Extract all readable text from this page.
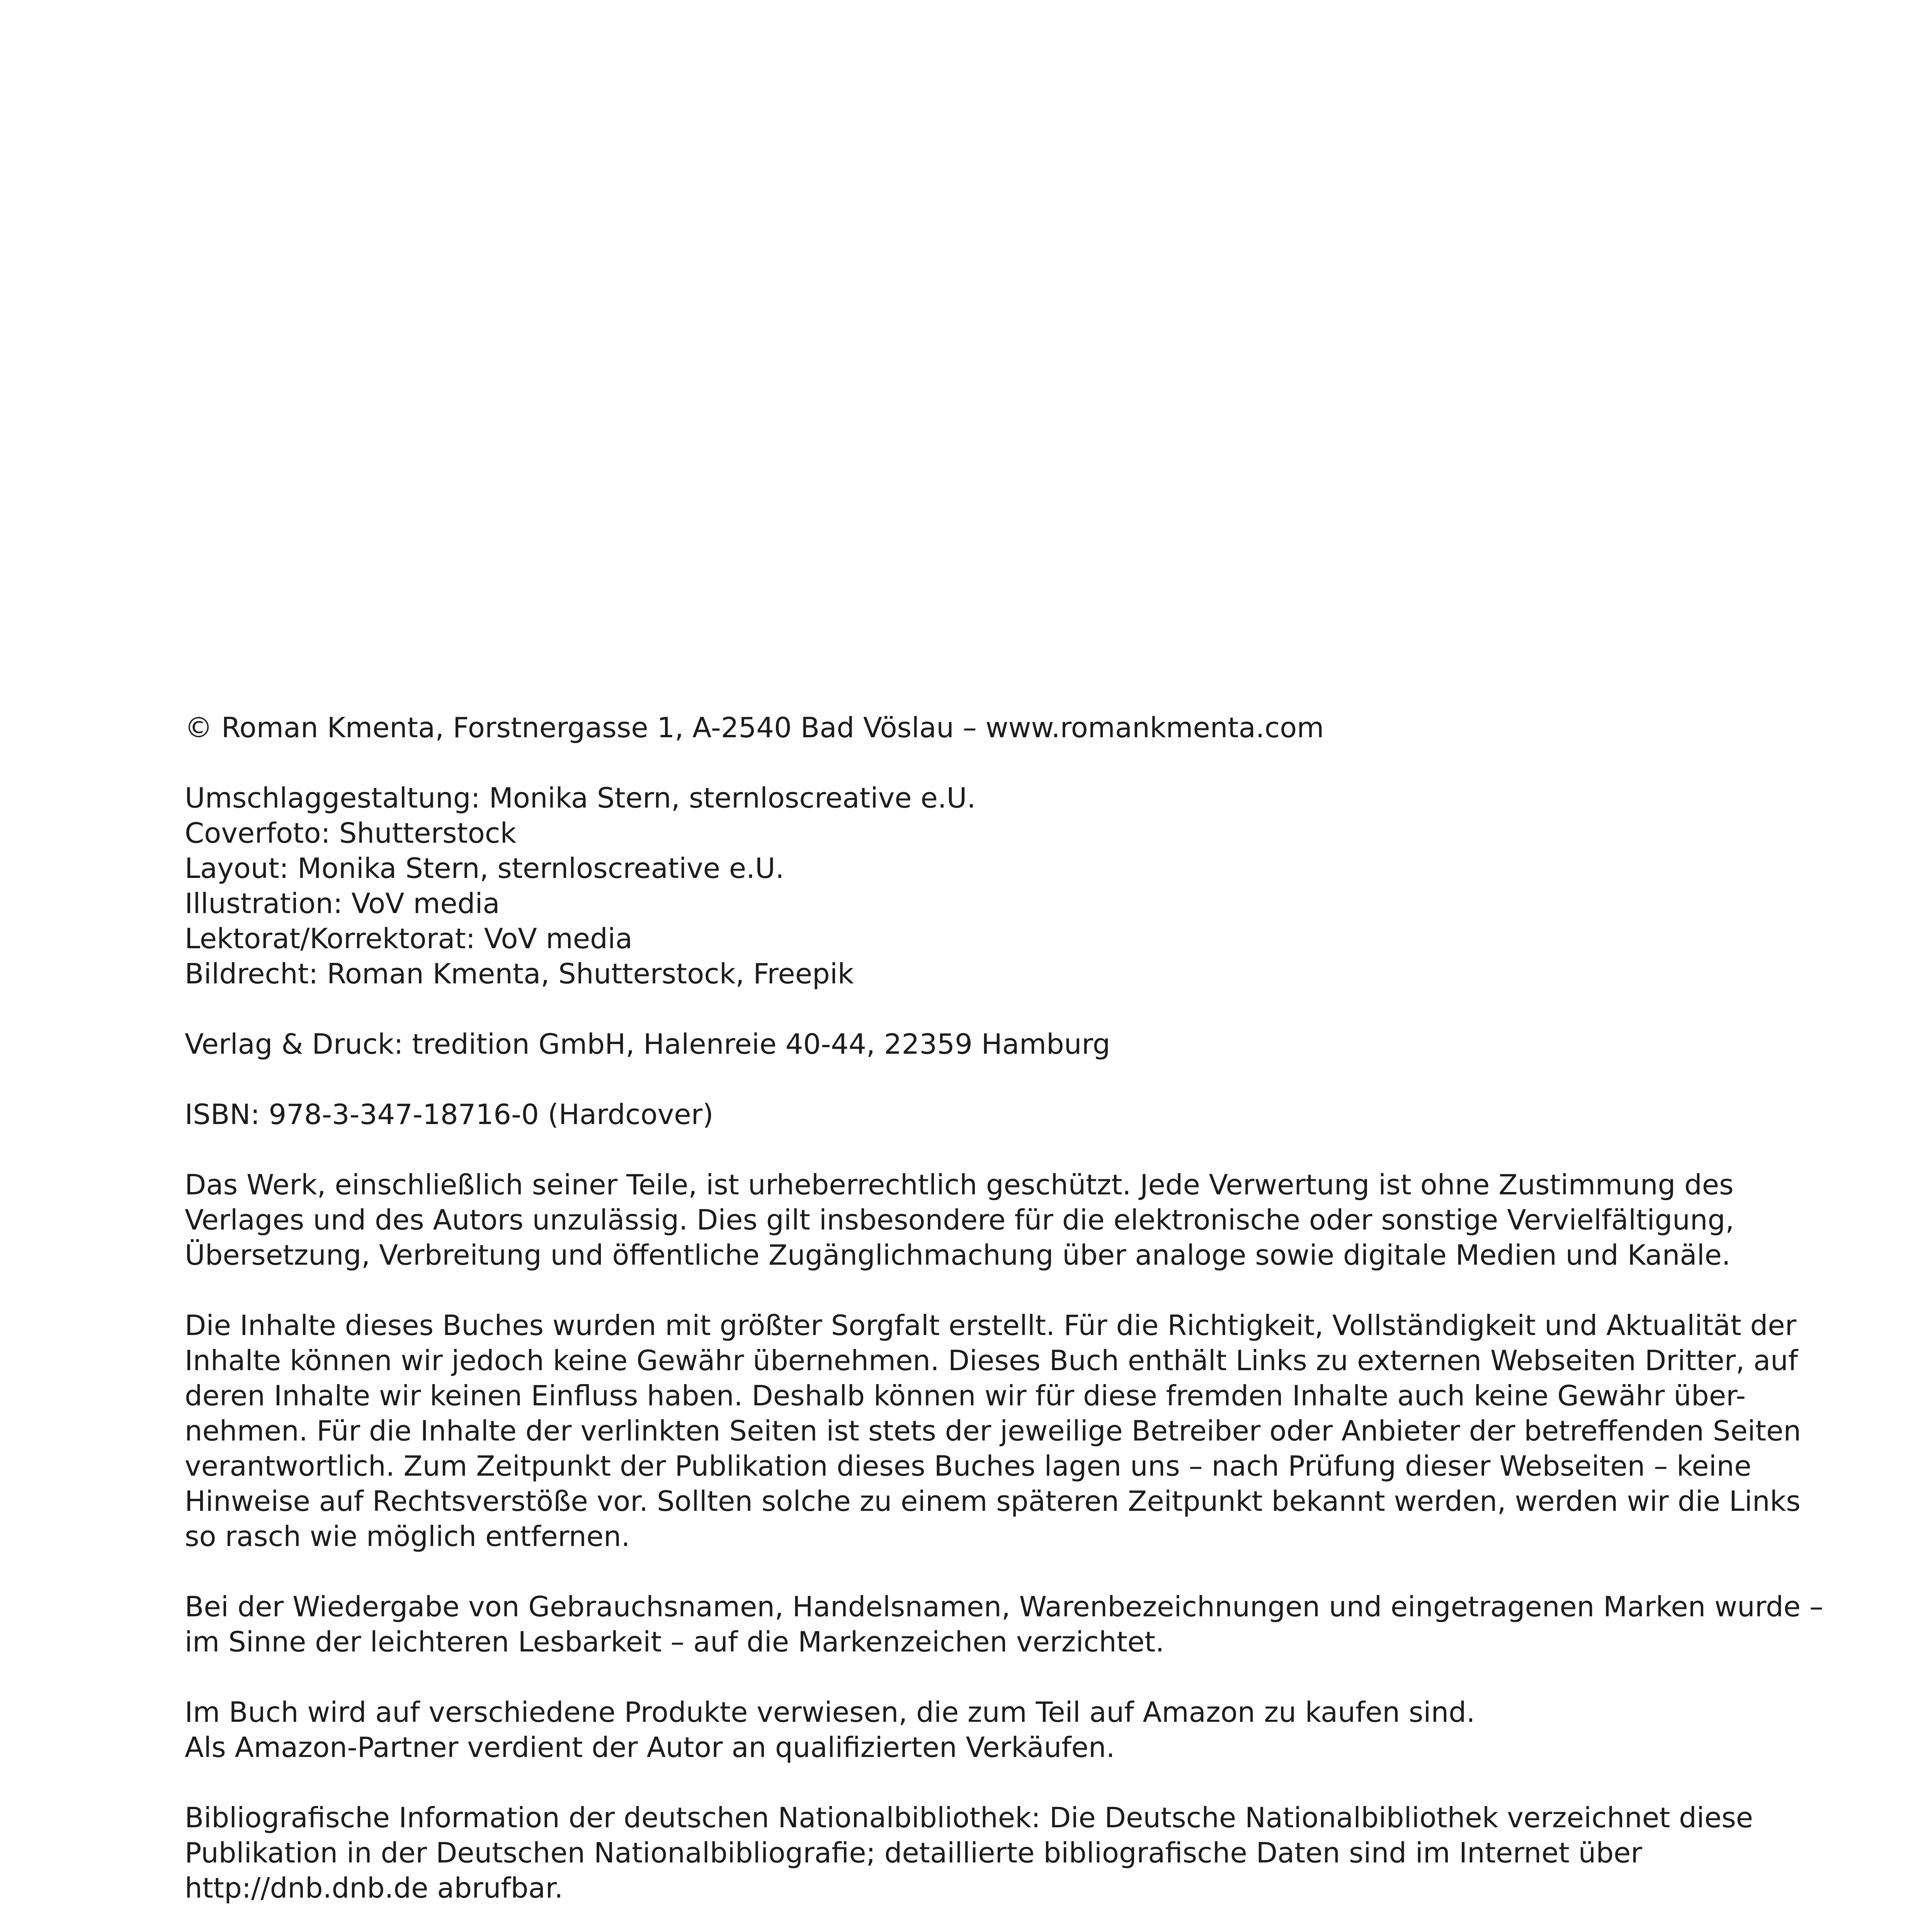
© Roman Kmenta, Forstnergasse 1, A-2540 Bad Vöslau – www.romankmenta.com
Umschlaggestaltung: Monika Stern, sternloscreative e.U.
Coverfoto: Shutterstock
Layout: Monika Stern, sternloscreative e.U.
Illustration: VoV media
Lektorat/Korrektorat: VoV media
Bildrecht: Roman Kmenta, Shutterstock, Freepik
Verlag & Druck: tredition GmbH, Halenreie 40-44, 22359 Hamburg
ISBN: 978-3-347-18716-0 (Hardcover)
Das Werk, einschließlich seiner Teile, ist urheberrechtlich geschützt. Jede Verwertung ist ohne Zustimmung des
Verlages und des Autors unzulässig. Dies gilt insbesondere für die elektronische oder sonstige Vervielfältigung,
Übersetzung, Verbreitung und öffentliche Zugänglichmachung über analoge sowie digitale Medien und Kanäle.
Die Inhalte dieses Buches wurden mit größter Sorgfalt erstellt. Für die Richtigkeit, Vollständigkeit und Aktualität der
Inhalte können wir jedoch keine Gewähr übernehmen. Dieses Buch enthält Links zu externen Webseiten Dritter, auf
deren Inhalte wir keinen Einfluss haben. Deshalb können wir für diese fremden Inhalte auch keine Gewähr über-
nehmen. Für die Inhalte der verlinkten Seiten ist stets der jeweilige Betreiber oder Anbieter der betreffenden Seiten
verantwortlich. Zum Zeitpunkt der Publikation dieses Buches lagen uns – nach Prüfung dieser Webseiten – keine
Hinweise auf Rechtsverstöße vor. Sollten solche zu einem späteren Zeitpunkt bekannt werden, werden wir die Links
so rasch wie möglich entfernen.
Bei der Wiedergabe von Gebrauchsnamen, Handelsnamen, Warenbezeichnungen und eingetragenen Marken wurde –
im Sinne der leichteren Lesbarkeit – auf die Markenzeichen verzichtet.
Im Buch wird auf verschiedene Produkte verwiesen, die zum Teil auf Amazon zu kaufen sind.
Als Amazon-Partner verdient der Autor an qualifizierten Verkäufen.
Bibliografische Information der deutschen Nationalbibliothek: Die Deutsche Nationalbibliothek verzeichnet diese
Publikation in der Deutschen Nationalbibliografie; detaillierte bibliografische Daten sind im Internet über
http://dnb.dnb.de abrufbar.
